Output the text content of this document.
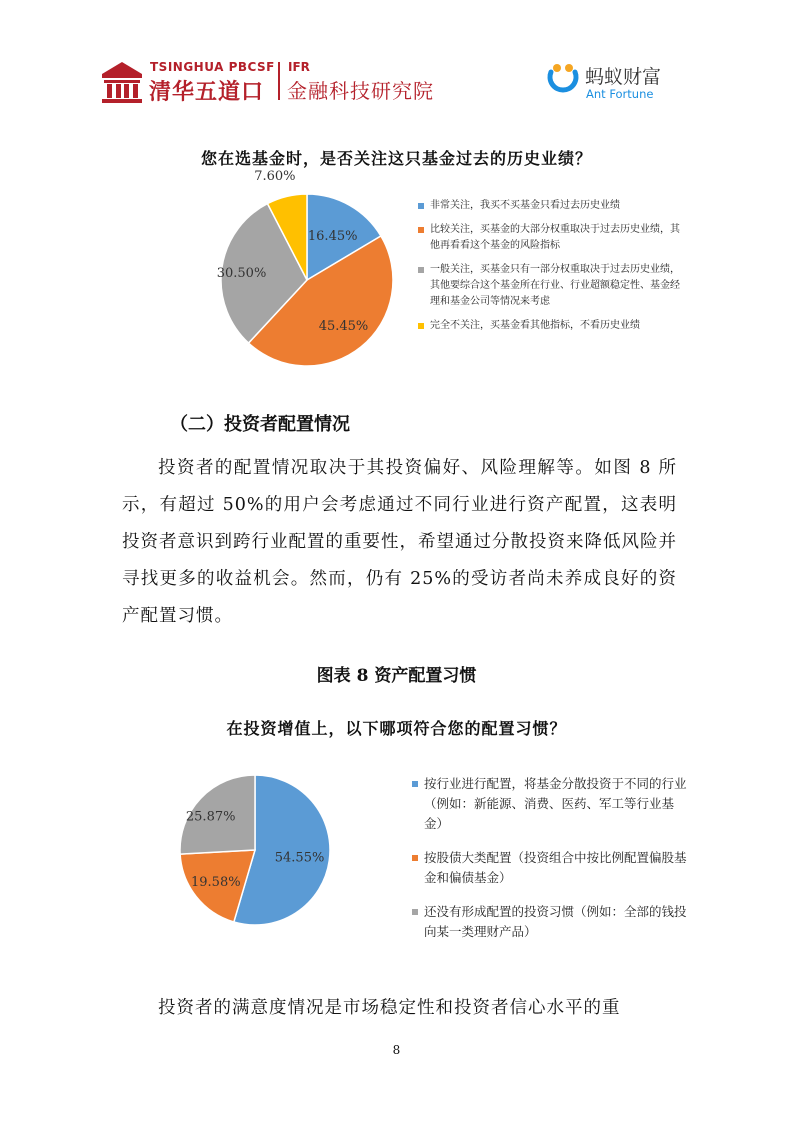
TSINGHUA PBCSF
清华五道口
IFR
金融科技研究院
蚂蚁财富
Ant Fortune
您在选基金时，是否关注这只基金过去的历史业绩？
16.45%
45.45%
30.50%
7.60%
非常关注，我买不买基金只看过去历史业绩
比较关注，买基金的大部分权重取决于过去历史业绩，其他再看看这个基金的风险指标
一般关注，买基金只有一部分权重取决于过去历史业绩，其他要综合这个基金所在行业、行业超额稳定性、基金经理和基金公司等情况来考虑
完全不关注，买基金看其他指标，不看历史业绩
（二）投资者配置情况
投资者的配置情况取决于其投资偏好、风险理解等。如图 8 所示，有超过 50%的用户会考虑通过不同行业进行资产配置，这表明投资者意识到跨行业配置的重要性，希望通过分散投资来降低风险并寻找更多的收益机会。然而，仍有 25%的受访者尚未养成良好的资产配置习惯。
图表 8 资产配置习惯
在投资增值上，以下哪项符合您的配置习惯？
54.55%
19.58%
25.87%
按行业进行配置，将基金分散投资于不同的行业（例如：新能源、消费、医药、军工等行业基金）
按股债大类配置（投资组合中按比例配置偏股基金和偏债基金）
还没有形成配置的投资习惯（例如：全部的钱投向某一类理财产品）
投资者的满意度情况是市场稳定性和投资者信心水平的重
8
